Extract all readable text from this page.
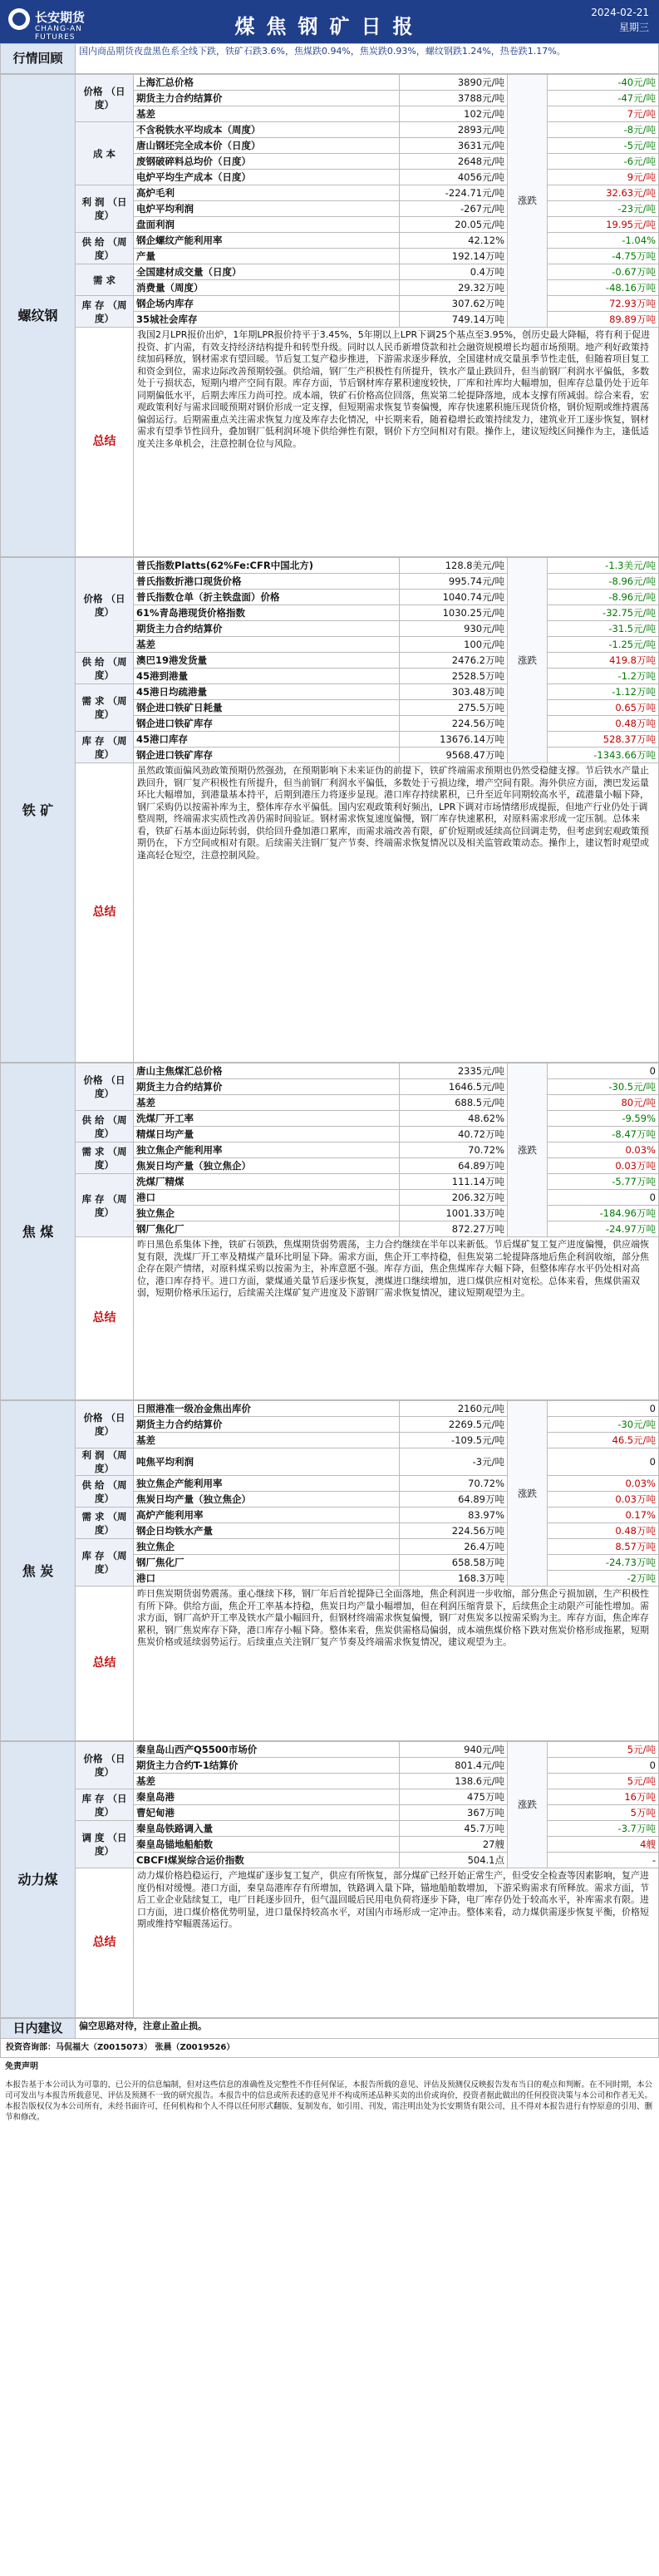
长安期货
CHANG-AN FUTURES	煤焦钢矿日报
2024-02-21
星期三
行情回顾	国内商品期货夜盘黑色系全线下跌，铁矿石跌3.6%，焦煤跌0.94%，焦炭跌0.93%，螺纹钢跌1.24%，热卷跌1.17%。
螺纹钢	价格 （日度）	上海汇总价格	3890元/吨	涨跌	-40元/吨
		期货主力合约结算价	3788元/吨		-47元/吨
		基差	102元/吨		7元/吨
	成 本	不含税铁水平均成本（周度）	2893元/吨		-8元/吨
		唐山钢坯完全成本价（日度）	3631元/吨		-5元/吨
		废钢破碎料总均价（日度）	2648元/吨		-6元/吨
		电炉平均生产成本（日度）	4056元/吨		9元/吨
	利 润 （日度）	高炉毛利	-224.71元/吨		32.63元/吨
		电炉平均利润	-267元/吨		-23元/吨
		盘面利润	20.05元/吨		19.95元/吨
	供 给 （周度）	钢企螺纹产能利用率	42.12%		-1.04%
		产量	192.14万吨		-4.75万吨
	需 求	全国建材成交量（日度）	0.4万吨		-0.67万吨
		消费量（周度）	29.32万吨		-48.16万吨
	库 存 （周度）	钢企场内库存	307.62万吨		72.93万吨
		35城社会库存	749.14万吨		89.89万吨
	总结	我国2月LPR报价出炉，1年期LPR报价持平于3.45%，5年期以上LPR下调25个基点至3.95%，创历史最大降幅，将有利于促进投资、扩内需，有效支持经济结构提升和转型升级。同时以人民币新增贷款和社会融资规模增长均超市场预期。地产利好政策持续加码释放，钢材需求有望回暖。节后复工复产稳步推进，下游需求逐步释放，全国建材成交量虽季节性走低，但随着项目复工和资金到位，需求边际改善预期较强。供给端，钢厂生产积极性有所提升，铁水产量止跌回升，但当前钢厂利润水平偏低，多数处于亏损状态，短期内增产空间有限。库存方面，节后钢材库存累积速度较快，厂库和社库均大幅增加，但库存总量仍处于近年同期偏低水平，后期去库压力尚可控。成本端，铁矿石价格高位回落，焦炭第二轮提降落地，成本支撑有所减弱。综合来看，宏观政策利好与需求回暖预期对钢价形成一定支撑，但短期需求恢复节奏偏慢，库存快速累积施压现货价格，钢价短期或维持震荡偏弱运行。后期需重点关注需求恢复力度及库存去化情况，中长期来看，随着稳增长政策持续发力，建筑业开工逐步恢复，钢材需求有望季节性回升，叠加钢厂低利润环境下供给弹性有限，钢价下方空间相对有限。操作上，建议短线区间操作为主，逢低适度关注多单机会，注意控制仓位与风险。			
铁 矿	价格 （日度）	普氏指数Platts(62%Fe:CFR中国北方)	128.8美元/吨	涨跌	-1.3美元/吨
		普氏指数折港口现货价格	995.74元/吨		-8.96元/吨
		普氏指数仓单（折主铁盘面）价格	1040.74元/吨		-8.96元/吨
		61%青岛港现货价格指数	1030.25元/吨		-32.75元/吨
		期货主力合约结算价	930元/吨		-31.5元/吨
		基差	100元/吨		-1.25元/吨
	供 给 （周度）	澳巴19港发货量	2476.2万吨		419.8万吨
		45港到港量	2528.5万吨		-1.2万吨
	需 求 （周度）	45港日均疏港量	303.48万吨		-1.12万吨
		钢企进口铁矿日耗量	275.5万吨		0.65万吨
		钢企进口铁矿库存	224.56万吨		0.48万吨
	库 存 （周度）	45港口库存	13676.14万吨		528.37万吨
		钢企进口铁矿库存	9568.47万吨		-1343.66万吨
	总结	虽然政策面偏风劲政策预期仍然强劲，在预期影响下未来证伪的前提下，铁矿终端需求预期也仍然受稳健支撑。节后铁水产量止跌回升，钢厂复产积极性有所提升，但当前钢厂利润水平偏低，多数处于亏损边缘，增产空间有限。海外供应方面，澳巴发运量环比大幅增加，到港量基本持平，后期到港压力将逐步显现。港口库存持续累积，已升至近年同期较高水平，疏港量小幅下降，钢厂采购仍以按需补库为主，整体库存水平偏低。国内宏观政策利好频出，LPR下调对市场情绪形成提振，但地产行业仍处于调整周期，终端需求实质性改善仍需时间验证。钢材需求恢复速度偏慢，钢厂库存快速累积，对原料需求形成一定压制。总体来看，铁矿石基本面边际转弱，供给回升叠加港口累库，而需求端改善有限，矿价短期或延续高位回调走势，但考虑到宏观政策预期仍在，下方空间或相对有限。后续需关注钢厂复产节奏、终端需求恢复情况以及相关监管政策动态。操作上，建议暂时观望或逢高轻仓短空，注意控制风险。			
焦 煤	价格 （日度）	唐山主焦煤汇总价格	2335元/吨	涨跌	0
		期货主力合约结算价	1646.5元/吨		-30.5元/吨
		基差	688.5元/吨		80元/吨
	供 给 （周度）	洗煤厂开工率	48.62%		-9.59%
		精煤日均产量	40.72万吨		-8.47万吨
	需 求 （周度）	独立焦企产能利用率	70.72%		0.03%
		焦炭日均产量（独立焦企）	64.89万吨		0.03万吨
	库 存 （周度）	洗煤厂精煤	111.14万吨		-5.77万吨
		港口	206.32万吨		0
		独立焦企	1001.33万吨		-184.96万吨
		钢厂焦化厂	872.27万吨		-24.97万吨
	总结	昨日黑色系集体下挫，铁矿石领跌，焦煤期货弱势震荡，主力合约继续在半年以来新低。节后煤矿复工复产进度偏慢，供应端恢复有限，洗煤厂开工率及精煤产量环比明显下降。需求方面，焦企开工率持稳，但焦炭第二轮提降落地后焦企利润收缩，部分焦企存在限产情绪，对原料煤采购以按需为主，补库意愿不强。库存方面，焦企焦煤库存大幅下降，但整体库存水平仍处相对高位，港口库存持平。进口方面，蒙煤通关量节后逐步恢复，澳煤进口继续增加，进口煤供应相对宽松。总体来看，焦煤供需双弱，短期价格承压运行，后续需关注煤矿复产进度及下游钢厂需求恢复情况，建议短期观望为主。			
焦 炭	价格 （日度）	日照港准一级冶金焦出库价	2160元/吨	涨跌	0
		期货主力合约结算价	2269.5元/吨		-30元/吨
		基差	-109.5元/吨		46.5元/吨
	利 润 （周度）	吨焦平均利润	-3元/吨		0
	供 给 （周度）	独立焦企产能利用率	70.72%		0.03%
		焦炭日均产量（独立焦企）	64.89万吨		0.03万吨
	需 求 （周度）	高炉产能利用率	83.97%		0.17%
		钢企日均铁水产量	224.56万吨		0.48万吨
	库 存 （周度）	独立焦企	26.4万吨		8.57万吨
		钢厂焦化厂	658.58万吨		-24.73万吨
		港口	168.3万吨		-2万吨
	总结	昨日焦炭期货弱势震荡。重心继续下移，钢厂年后首轮提降已全面落地，焦企利润进一步收缩，部分焦企亏损加剧，生产积极性有所下降。供给方面，焦企开工率基本持稳，焦炭日均产量小幅增加，但在利润压缩背景下，后续焦企主动限产可能性增加。需求方面，钢厂高炉开工率及铁水产量小幅回升，但钢材终端需求恢复偏慢，钢厂对焦炭多以按需采购为主。库存方面，焦企库存累积，钢厂焦炭库存下降，港口库存小幅下降。整体来看，焦炭供需格局偏弱，成本端焦煤价格下跌对焦炭价格形成拖累，短期焦炭价格或延续弱势运行。后续重点关注钢厂复产节奏及终端需求恢复情况，建议观望为主。			
动力煤	价格 （日度）	秦皇岛山西产Q5500市场价	940元/吨	涨跌	5元/吨
		期货主力合约T-1结算价	801.4元/吨		0
		基差	138.6元/吨		5元/吨
	库 存 （日度）	秦皇岛港	475万吨		16万吨
		曹妃甸港	367万吨		5万吨
	调 度 （日度）	秦皇岛铁路调入量	45.7万吨		-3.7万吨
		秦皇岛锚地船舶数	27艘		4艘
		CBCFI煤炭综合运价指数	504.1点		-
	总结	动力煤价格趋稳运行，产地煤矿逐步复工复产，供应有所恢复，部分煤矿已经开始正常生产，但受安全检查等因素影响，复产进度仍相对缓慢。港口方面，秦皇岛港库存有所增加，铁路调入量下降，锚地船舶数增加，下游采购需求有所释放。需求方面，节后工业企业陆续复工，电厂日耗逐步回升，但气温回暖后民用电负荷将逐步下降，电厂库存仍处于较高水平，补库需求有限。进口方面，进口煤价格优势明显，进口量保持较高水平，对国内市场形成一定冲击。整体来看，动力煤供需逐步恢复平衡，价格短期或维持窄幅震荡运行。			
日内建议	偏空思路对待，注意止盈止损。
投资咨询部：马侃福大（Z0015073） 张晨（Z0019526）
免责声明
本报告基于本公司认为可靠的、已公开的信息编制，但对这些信息的准确性及完整性不作任何保证，本报告所载的意见、评估及预测仅反映报告发布当日的观点和判断。在不同时期，本公司可发出与本报告所载意见、评估及预测不一致的研究报告。本报告中的信息或所表述的意见并不构成所述品种买卖的出价或询价，投资者据此做出的任何投资决策与本公司和作者无关。本报告版权仅为本公司所有，未经书面许可，任何机构和个人不得以任何形式翻版、复制发布，如引用、刊发，需注明出处为长安期货有限公司，且不得对本报告进行有悖原意的引用、删节和修改。
